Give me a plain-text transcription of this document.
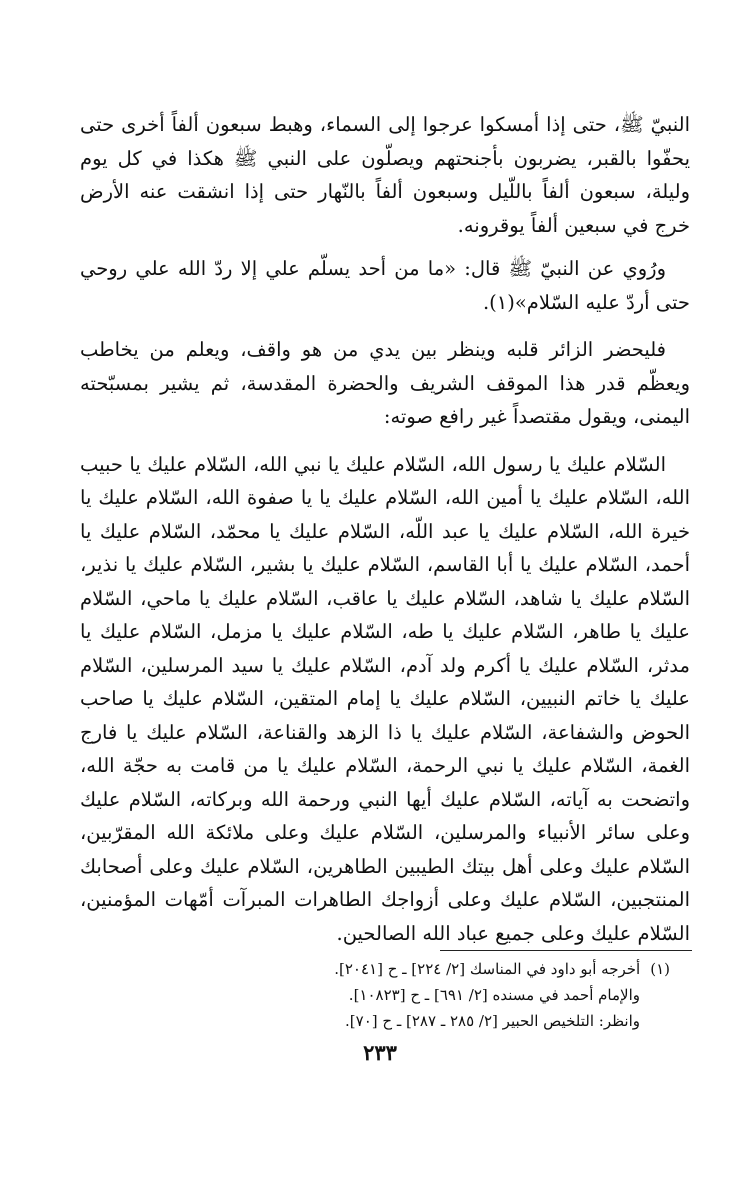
النبيّ ﷺ، حتى إذا أمسكوا عرجوا إلى السماء، وهبط سبعون ألفاً أخرى حتى يحفّوا بالقبر، يضربون بأجنحتهم ويصلّون على النبي ﷺ هكذا في كل يوم وليلة، سبعون ألفاً باللّيل وسبعون ألفاً بالنّهار حتى إذا انشقت عنه الأرض خرج في سبعين ألفاً يوقرونه.

ورُوي عن النبيّ ﷺ قال: «ما من أحد يسلّم علي إلا ردّ الله علي روحي حتى أردّ عليه السّلام»(١).

فليحضر الزائر قلبه وينظر بين يدي من هو واقف، ويعلم من يخاطب ويعظّم قدر هذا الموقف الشريف والحضرة المقدسة، ثم يشير بمسبّحته اليمنى، ويقول مقتصداً غير رافع صوته:

السّلام عليك يا رسول الله، السّلام عليك يا نبي الله، السّلام عليك يا حبيب الله، السّلام عليك يا أمين الله، السّلام عليك يا يا صفوة الله، السّلام عليك يا خيرة الله، السّلام عليك يا عبد اللّه، السّلام عليك يا محمّد، السّلام عليك يا أحمد، السّلام عليك يا أبا القاسم، السّلام عليك يا بشير، السّلام عليك يا نذير، السّلام عليك يا شاهد، السّلام عليك يا عاقب، السّلام عليك يا ماحي، السّلام عليك يا طاهر، السّلام عليك يا طه، السّلام عليك يا مزمل، السّلام عليك يا مدثر، السّلام عليك يا أكرم ولد آدم، السّلام عليك يا سيد المرسلين، السّلام عليك يا خاتم النبيين، السّلام عليك يا إمام المتقين، السّلام عليك يا صاحب الحوض والشفاعة، السّلام عليك يا ذا الزهد والقناعة، السّلام عليك يا فارج الغمة، السّلام عليك يا نبي الرحمة، السّلام عليك يا من قامت به حجّة الله، واتضحت به آياته، السّلام عليك أيها النبي ورحمة الله وبركاته، السّلام عليك وعلى سائر الأنبياء والمرسلين، السّلام عليك وعلى ملائكة الله المقرّبين، السّلام عليك وعلى أهل بيتك الطيبين الطاهرين، السّلام عليك وعلى أصحابك المنتجبين، السّلام عليك وعلى أزواجك الطاهرات المبرآت أمّهات المؤمنين، السّلام عليك وعلى جميع عباد الله الصالحين.

(١)أخرجه أبو داود في المناسك [٢/ ٢٢٤] ـ ح [٢٠٤١].
والإمام أحمد في مسنده [٢/ ٦٩١] ـ ح [١٠٨٢٣].
وانظر: التلخيص الحبير [٢/ ٢٨٥ ـ ٢٨٧] ـ ح [٧٠].
٢٣٣
